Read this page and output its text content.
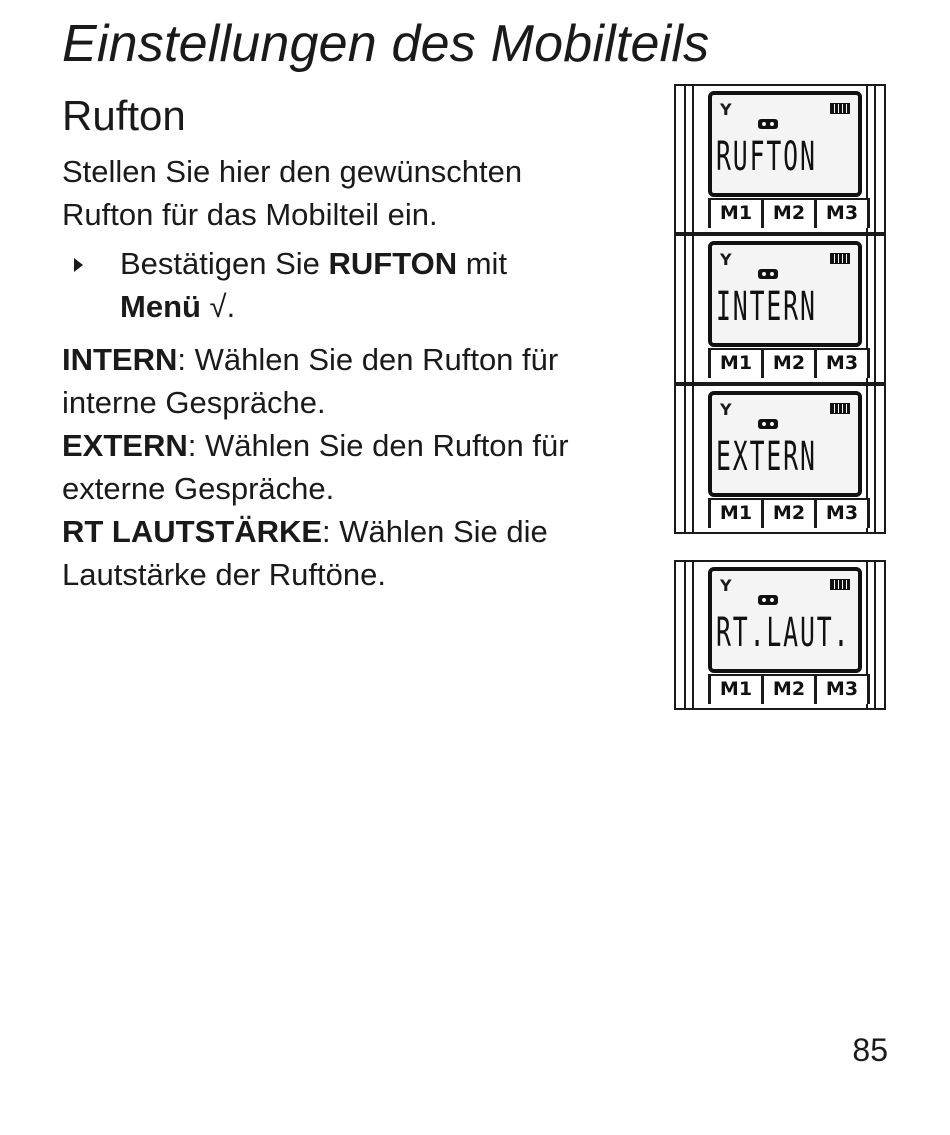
Einstellungen des Mobilteils
Rufton
Stellen Sie hier den gewünschten Rufton für das Mobilteil ein.
Bestätigen Sie RUFTON mit
Menü √.
INTERN: Wählen Sie den Rufton für interne Gespräche.
EXTERN: Wählen Sie den Rufton für externe Gespräche.
RT LAUTSTÄRKE: Wählen Sie die Lautstärke der Ruftöne.
Y
RUFTON
M1	M2	M3
Y
INTERN
M1	M2	M3
Y
EXTERN
M1	M2	M3
Y
RT.LAUT.
M1	M2	M3
85
